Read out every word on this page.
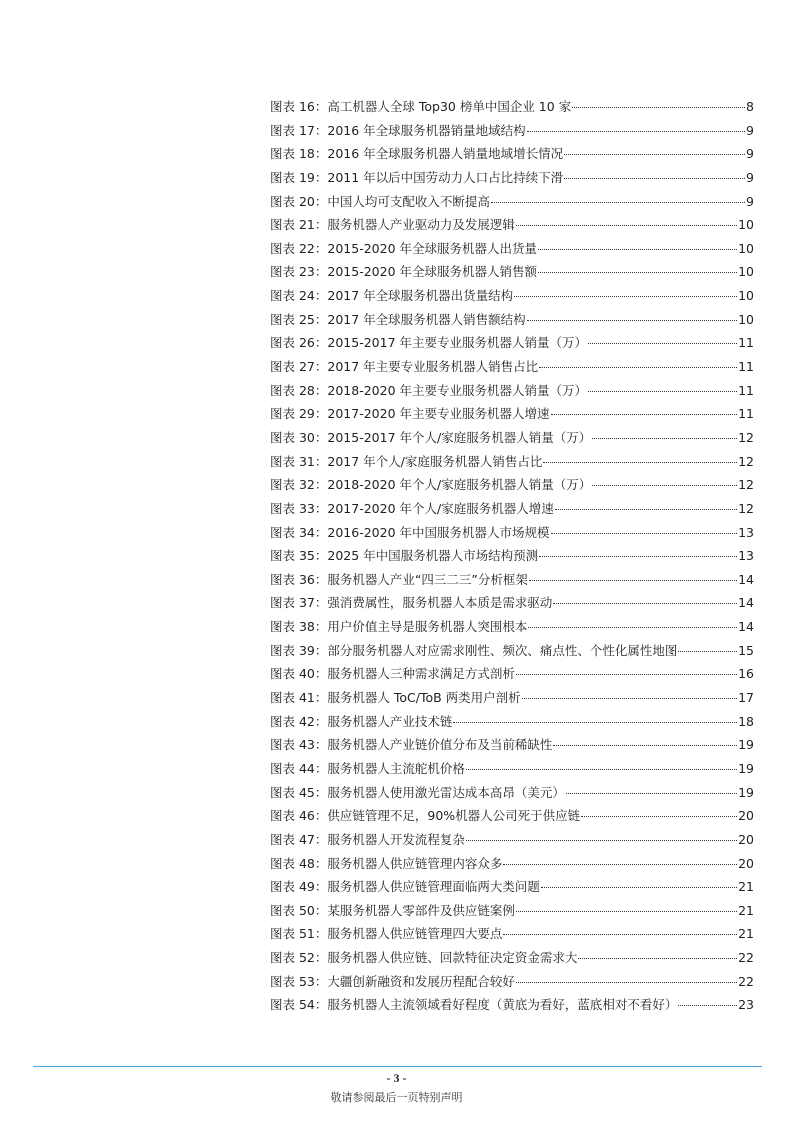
图表 16： 高工机器人全球 Top30 榜单中国企业 10 家	8
图表 17： 2016 年全球服务机器销量地域结构	9
图表 18： 2016 年全球服务机器人销量地域增长情况	9
图表 19： 2011 年以后中国劳动力人口占比持续下滑	9
图表 20： 中国人均可支配收入不断提高	9
图表 21： 服务机器人产业驱动力及发展逻辑	10
图表 22： 2015-2020 年全球服务机器人出货量	10
图表 23： 2015-2020 年全球服务机器人销售额	10
图表 24： 2017 年全球服务机器出货量结构	10
图表 25： 2017 年全球服务机器人销售额结构	10
图表 26： 2015-2017 年主要专业服务机器人销量（万）	11
图表 27： 2017 年主要专业服务机器人销售占比	11
图表 28： 2018-2020 年主要专业服务机器人销量（万）	11
图表 29： 2017-2020 年主要专业服务机器人增速	11
图表 30： 2015-2017 年个人/家庭服务机器人销量（万）	12
图表 31： 2017 年个人/家庭服务机器人销售占比	12
图表 32： 2018-2020 年个人/家庭服务机器人销量（万）	12
图表 33： 2017-2020 年个人/家庭服务机器人增速	12
图表 34： 2016-2020 年中国服务机器人市场规模	13
图表 35： 2025 年中国服务机器人市场结构预测	13
图表 36： 服务机器人产业“四三二三”分析框架	14
图表 37： 强消费属性，服务机器人本质是需求驱动	14
图表 38： 用户价值主导是服务机器人突围根本	14
图表 39： 部分服务机器人对应需求刚性、频次、痛点性、个性化属性地图	15
图表 40： 服务机器人三种需求满足方式剖析	16
图表 41： 服务机器人 ToC/ToB 两类用户剖析	17
图表 42： 服务机器人产业技术链	18
图表 43： 服务机器人产业链价值分布及当前稀缺性	19
图表 44： 服务机器人主流舵机价格	19
图表 45： 服务机器人使用激光雷达成本高昂（美元）	19
图表 46： 供应链管理不足，90%机器人公司死于供应链	20
图表 47： 服务机器人开发流程复杂	20
图表 48： 服务机器人供应链管理内容众多	20
图表 49： 服务机器人供应链管理面临两大类问题	21
图表 50： 某服务机器人零部件及供应链案例	21
图表 51： 服务机器人供应链管理四大要点	21
图表 52： 服务机器人供应链、回款特征决定资金需求大	22
图表 53： 大疆创新融资和发展历程配合较好	22
图表 54： 服务机器人主流领域看好程度（黄底为看好，蓝底相对不看好）	23
- 3 -
敬请参阅最后一页特别声明
